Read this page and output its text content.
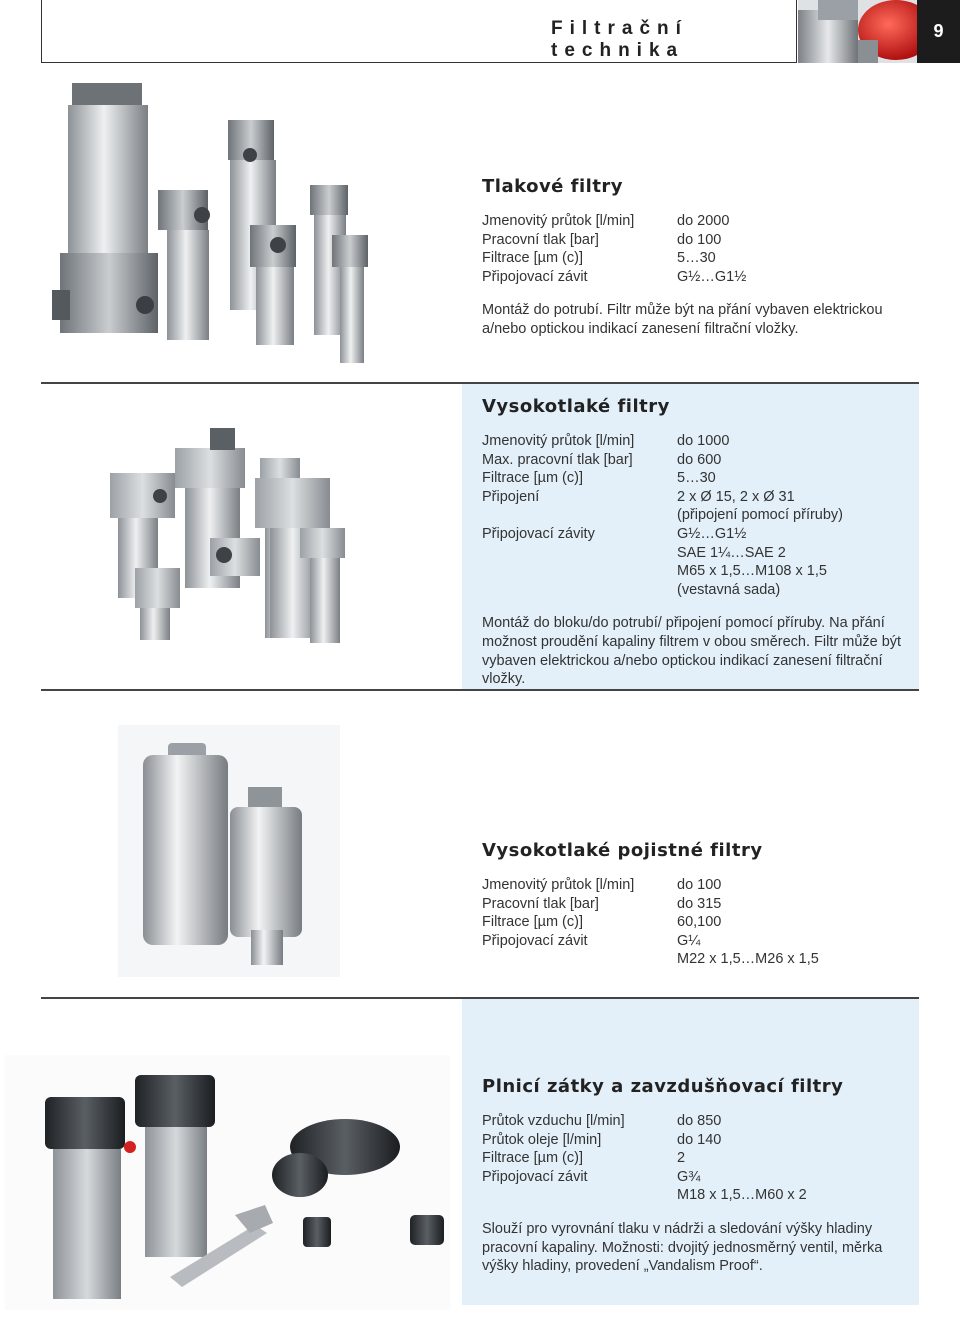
Filtrační technika
9
Tlakové filtry
Jmenovitý průtok [l/min]	do 2000
Pracovní tlak [bar]	do 100
Filtrace [µm (c)]	5…30
Připojovací závit	G½…G1½
Montáž do potrubí. Filtr může být na přání vybaven elektrickou a/nebo optickou indikací zanesení filtrační vložky.
Vysokotlaké filtry
Jmenovitý průtok [l/min]	do 1000
Max. pracovní tlak [bar]	do 600
Filtrace [µm (c)]	5…30
Připojení	2 x Ø 15, 2 x Ø 31
(připojení pomocí příruby)
Připojovací závity	G½…G1½
SAE 1¼…SAE 2
M65 x 1,5…M108 x 1,5
(vestavná sada)
Montáž do bloku/do potrubí/ připojení pomocí příruby. Na přání možnost proudění kapaliny filtrem v obou směrech. Filtr může být vybaven elektrickou a/nebo optickou indikací zanesení filtrační vložky.
Vysokotlaké pojistné filtry
Jmenovitý průtok [l/min]	do 100
Pracovní tlak [bar]	do 315
Filtrace [µm (c)]	60,100
Připojovací závit	G¼
M22 x 1,5…M26 x 1,5
Plnicí zátky a zavzdušňovací filtry
Průtok vzduchu [l/min]	do 850
Průtok oleje [l/min]	do 140
Filtrace [µm (c)]	2
Připojovací závit	G¾
M18 x 1,5…M60 x 2
Slouží pro vyrovnání tlaku v nádrži a sledování výšky hladiny pracovní kapaliny. Možnosti: dvojitý jednosměrný ventil, měrka výšky hladiny, provedení „Vandalism Proof“.
